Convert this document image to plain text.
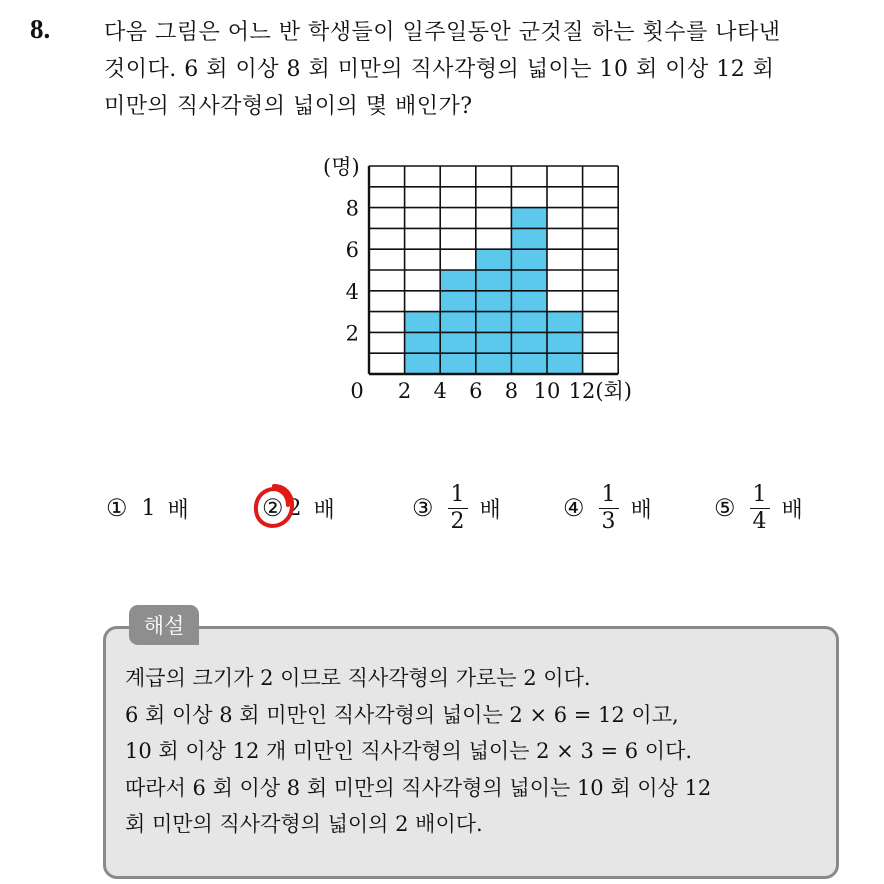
8. 다음 그림은 어느 반 학생들이 일주일동안 군것질 하는 횟수를 나타낸
것이다. 6 회 이상 8 회 미만의 직사각형의 넓이는 10 회 이상 12 회
미만의 직사각형의 넓이의 몇 배인가?
2
4
6
8
(명)
0 2 4 6 8 10 12(회)
① 1 배	② 2 배	③ $\frac{1}{2}$ 배	④ $\frac{1}{3}$ 배	⑤ $\frac{1}{4}$ 배
해설
계급의 크기가 2 이므로 직사각형의 가로는 2 이다.
6 회 이상 8 회 미만인 직사각형의 넓이는 2 × 6 = 12 이고,
10 회 이상 12 개 미만인 직사각형의 넓이는 2 × 3 = 6 이다.
따라서 6 회 이상 8 회 미만의 직사각형의 넓이는 10 회 이상 12
회 미만의 직사각형의 넓이의 2 배이다.
